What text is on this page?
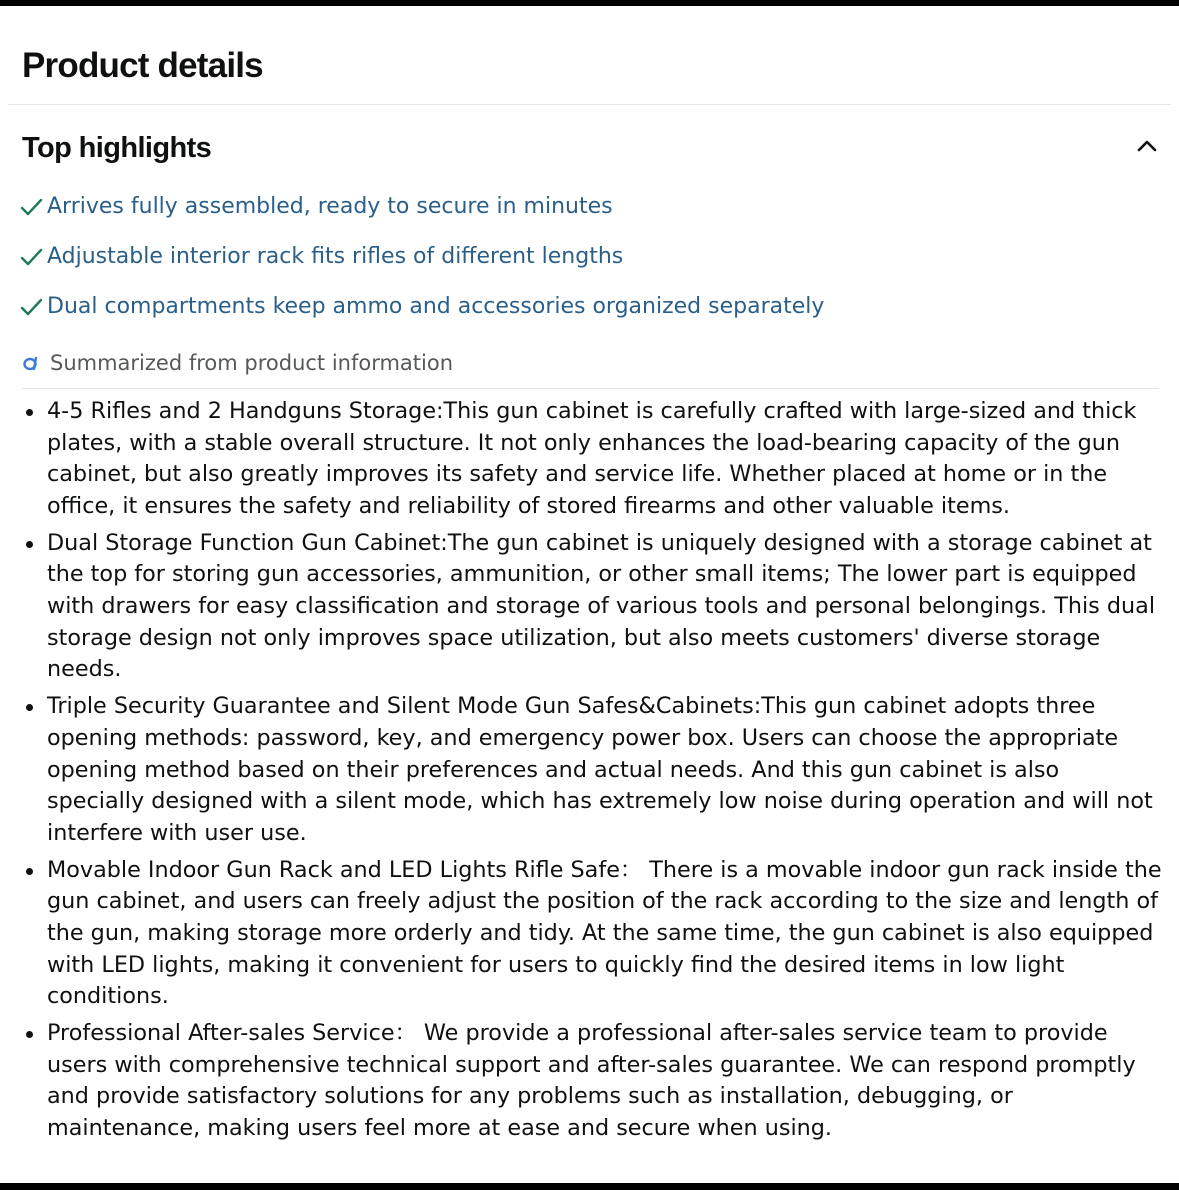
Product details
Top highlights
Arrives fully assembled, ready to secure in minutes
Adjustable interior rack fits rifles of different lengths
Dual compartments keep ammo and accessories organized separately
Summarized from product information
4-5 Rifles and 2 Handguns Storage:This gun cabinet is carefully crafted with large-sized and thick plates, with a stable overall structure. It not only enhances the load-bearing capacity of the gun cabinet, but also greatly improves its safety and service life. Whether placed at home or in the office, it ensures the safety and reliability of stored firearms and other valuable items.
Dual Storage Function Gun Cabinet:The gun cabinet is uniquely designed with a storage cabinet at the top for storing gun accessories, ammunition, or other small items; The lower part is equipped with drawers for easy classification and storage of various tools and personal belongings. This dual storage design not only improves space utilization, but also meets customers' diverse storage needs.
Triple Security Guarantee and Silent Mode Gun Safes&Cabinets:This gun cabinet adopts three opening methods: password, key, and emergency power box. Users can choose the appropriate opening method based on their preferences and actual needs. And this gun cabinet is also specially designed with a silent mode, which has extremely low noise during operation and will not interfere with user use.
Movable Indoor Gun Rack and LED Lights Rifle Safe： There is a movable indoor gun rack inside the gun cabinet, and users can freely adjust the position of the rack according to the size and length of the gun, making storage more orderly and tidy. At the same time, the gun cabinet is also equipped with LED lights, making it convenient for users to quickly find the desired items in low light conditions.
Professional After-sales Service： We provide a professional after-sales service team to provide users with comprehensive technical support and after-sales guarantee. We can respond promptly and provide satisfactory solutions for any problems such as installation, debugging, or maintenance, making users feel more at ease and secure when using.
